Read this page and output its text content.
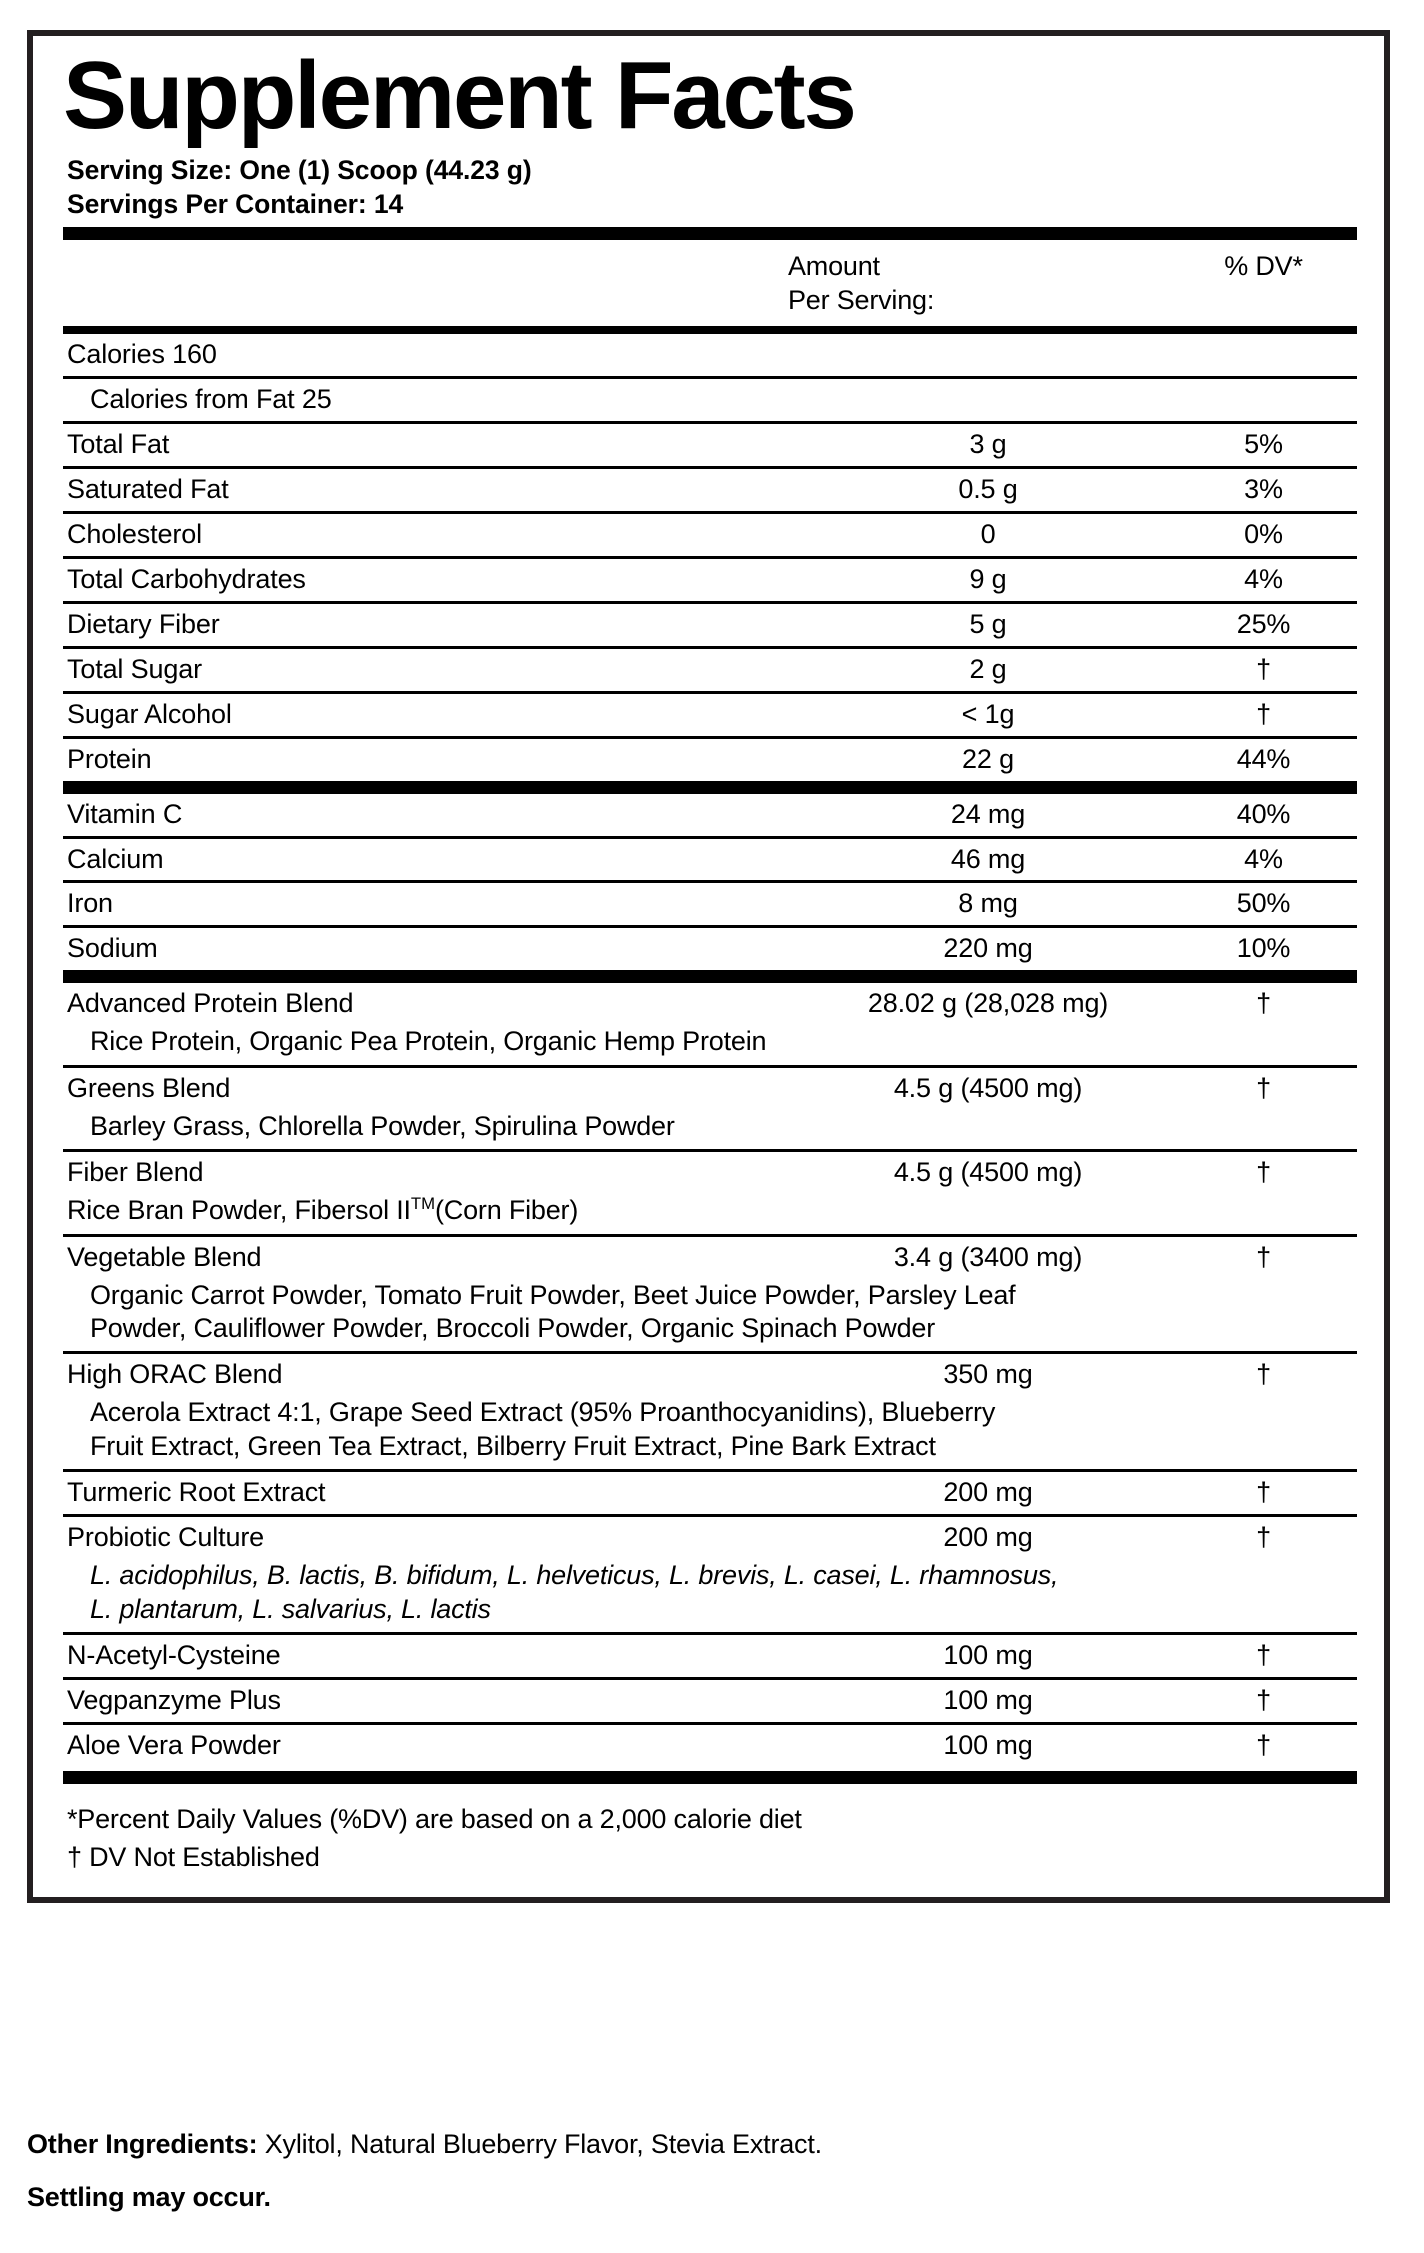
Supplement Facts
Serving Size: One (1) Scoop (44.23 g)
Servings Per Container: 14
Amount
Per Serving:
% DV*
Calories 160
Calories from Fat 25
Total Fat	3 g	5%
Saturated Fat	0.5 g	3%
Cholesterol	0	0%
Total Carbohydrates	9 g	4%
Dietary Fiber	5 g	25%
Total Sugar	2 g	†
Sugar Alcohol	< 1g	†
Protein	22 g	44%
Vitamin C	24 mg	40%
Calcium	46 mg	4%
Iron	8 mg	50%
Sodium	220 mg	10%
Advanced Protein Blend	28.02 g (28,028 mg)	†
Rice Protein, Organic Pea Protein, Organic Hemp Protein
Greens Blend	4.5 g (4500 mg)	†
Barley Grass, Chlorella Powder, Spirulina Powder
Fiber Blend	4.5 g (4500 mg)	†
Rice Bran Powder, Fibersol II™(Corn Fiber)
Vegetable Blend	3.4 g (3400 mg)	†
Organic Carrot Powder, Tomato Fruit Powder, Beet Juice Powder, Parsley Leaf
Powder, Cauliflower Powder, Broccoli Powder, Organic Spinach Powder
High ORAC Blend	350 mg	†
Acerola Extract 4:1, Grape Seed Extract (95% Proanthocyanidins), Blueberry
Fruit Extract, Green Tea Extract, Bilberry Fruit Extract, Pine Bark Extract
Turmeric Root Extract	200 mg	†
Probiotic Culture	200 mg	†
L. acidophilus, B. lactis, B. bifidum, L. helveticus, L. brevis, L. casei, L. rhamnosus,
L. plantarum, L. salvarius, L. lactis
N-Acetyl-Cysteine	100 mg	†
Vegpanzyme Plus	100 mg	†
Aloe Vera Powder	100 mg	†
*Percent Daily Values (%DV) are based on a 2,000 calorie diet
† DV Not Established
Other Ingredients: Xylitol, Natural Blueberry Flavor, Stevia Extract.
Settling may occur.
